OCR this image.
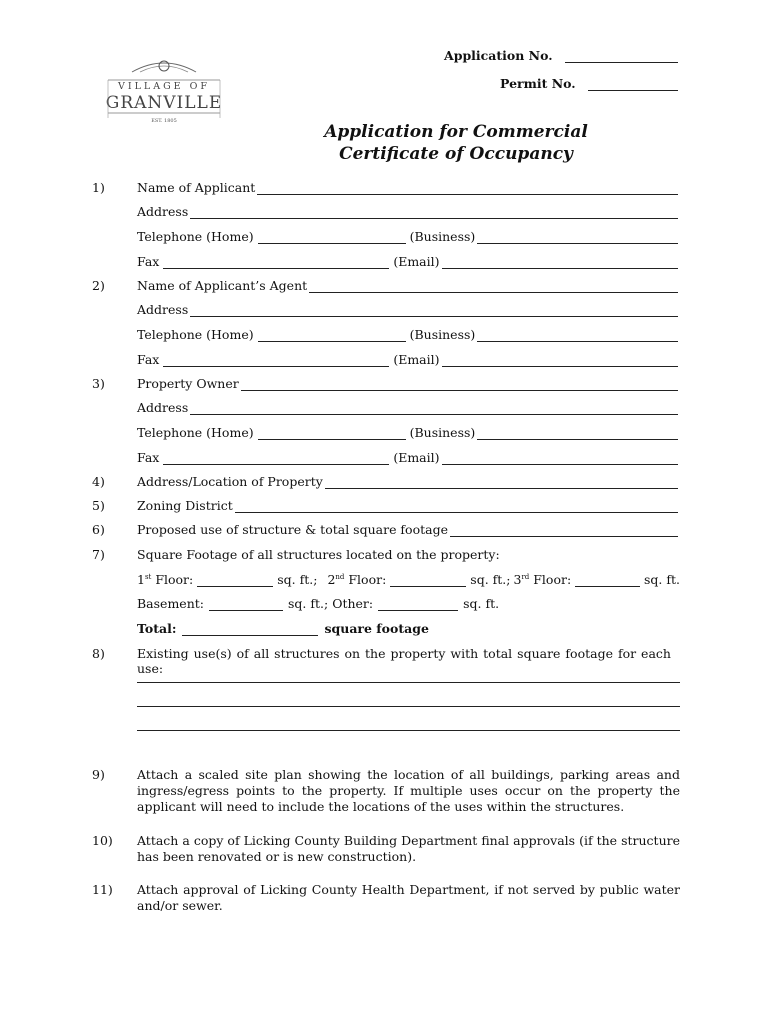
Application No.
Permit No.
VILLAGE OF
GRANVILLE
EST. 1805
Application for Commercial
Certificate of Occupancy
1)	Name of Applicant
Address
Telephone (Home)	(Business)
Fax	(Email)
2)	Name of Applicant’s Agent
Address
Telephone (Home)	(Business)
Fax	(Email)
3)	Property Owner
Address
Telephone (Home)	(Business)
Fax	(Email)
4)	Address/Location of Property
5)	Zoning District
6)	Proposed use of structure & total square footage
7)	Square Footage of all structures located on the property:
1st Floor:	sq. ft.; 2nd Floor:	sq. ft.; 3rd Floor:	sq. ft.
Basement:	sq. ft.; Other:	sq. ft.
Total:	square footage
8)	Existing use(s) of all structures on the property with total square footage for each use:
9)	Attach a scaled site plan showing the location of all buildings, parking areas and ingress/egress points to the property. If multiple uses occur on the property the applicant will need to include the locations of the uses within the structures.
10) Attach a copy of Licking County Building Department final approvals (if the structure has been renovated or is new construction).
11) Attach approval of Licking County Health Department, if not served by public water and/or sewer.
